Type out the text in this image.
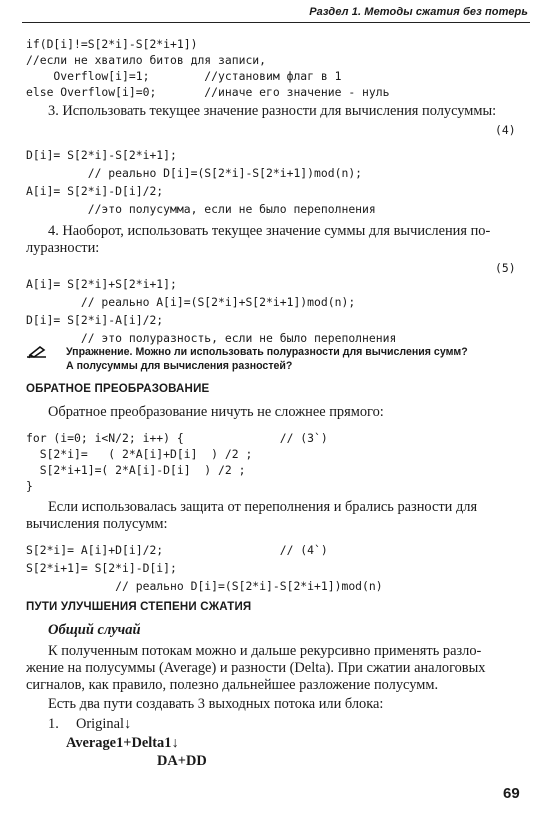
Раздел 1. Методы сжатия без потерь
if(D[i]!=S[2*i]-S[2*i+1])
//если не хватило битов для записи,
Overflow[i]=1;        //установим флаг в 1
else Overflow[i]=0;       //иначе его значение - нуль
3. Использовать текущее значение разности для вычисления полусуммы:
(4)
D[i]= S[2*i]-S[2*i+1];
// реально D[i]=(S[2*i]-S[2*i+1])mod(n);
A[i]= S[2*i]-D[i]/2;
//это полусумма, если не было переполнения
4. Наоборот, использовать текущее значение суммы для вычисления по-
луразности:
(5)
A[i]= S[2*i]+S[2*i+1];
// реально A[i]=(S[2*i]+S[2*i+1])mod(n);
D[i]= S[2*i]-A[i]/2;
// это полуразность, если не было переполнения
Упражнение. Можно ли использовать полуразности для вычисления сумм?
А полусуммы для вычисления разностей?
ОБРАТНОЕ ПРЕОБРАЗОВАНИЕ
Обратное преобразование ничуть не сложнее прямого:
for (i=0; i<N/2; i++) {              // (3`)
S[2*i]=   ( 2*A[i]+D[i]  ) /2 ;
S[2*i+1]=( 2*A[i]-D[i]  ) /2 ;
}
Если использовалась защита от переполнения и брались разности для
вычисления полусумм:
S[2*i]= A[i]+D[i]/2;                 // (4`)
S[2*i+1]= S[2*i]-D[i];
// реально D[i]=(S[2*i]-S[2*i+1])mod(n)
ПУТИ УЛУЧШЕНИЯ СТЕПЕНИ СЖАТИЯ
Общий случай
К полученным потокам можно и дальше рекурсивно применять разло-
жение на полусуммы (Average) и разности (Delta). При сжатии аналоговых
сигналов, как правило, полезно дальнейшее разложение полусумм.
Есть два пути создавать 3 выходных потока или блока:
1. Original↓
Average1+Delta1↓
DA+DD
69
